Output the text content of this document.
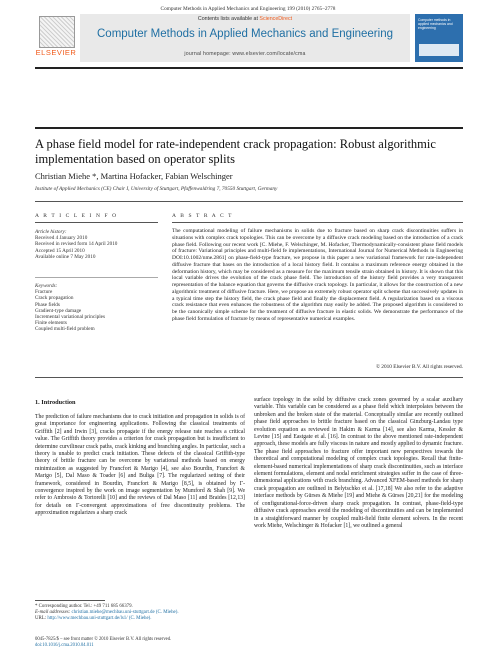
Computer Methods in Applied Mechanics and Engineering 199 (2010) 2765–2778
ELSEVIER
Contents lists available at ScienceDirect
Computer Methods in Applied Mechanics and Engineering
journal homepage: www.elsevier.com/locate/cma
Computer methods in applied mechanics and engineering
A phase field model for rate-independent crack propagation: Robust algorithmic implementation based on operator splits
Christian Miehe *, Martina Hofacker, Fabian Welschinger
Institute of Applied Mechanics (CE) Chair I, University of Stuttgart, Pfaffenwaldring 7, 70550 Stuttgart, Germany
A R T I C L E I N F O	A B S T R A C T
Article history:
Received 4 January 2010
Received in revised form 14 April 2010
Accepted 15 April 2010
Available online 7 May 2010
Keywords:
Fracture
Crack propagation
Phase fields
Gradient-type damage
Incremental variational principles
Finite elements
Coupled multi-field problem
The computational modeling of failure mechanisms in solids due to fracture based on sharp crack discontinuities suffers in situations with complex crack topologies. This can be overcome by a diffusive crack modeling based on the introduction of a crack phase field. Following our recent work [C. Miehe, F. Welschinger, M. Hofacker, Thermodynamically-consistent phase field models of fracture: Variational principles and multi-field fe implementations, International Journal for Numerical Methods in Engineering DOI:10.1002/nme.2861] on phase-field-type fracture, we propose in this paper a new variational framework for rate-independent diffusive fracture that bases on the introduction of a local history field. It contains a maximum reference energy obtained in the deformation history, which may be considered as a measure for the maximum tensile strain obtained in history. It is shown that this local variable drives the evolution of the crack phase field. The introduction of the history field provides a very transparent representation of the balance equation that governs the diffusive crack topology. In particular, it allows for the construction of a new algorithmic treatment of diffusive fracture. Here, we propose an extremely robust operator split scheme that successively updates in a typical time step the history field, the crack phase field and finally the displacement field. A regularization based on a viscous crack resistance that even enhances the robustness of the algorithm may easily be added. The proposed algorithm is considered to be the canonically simple scheme for the treatment of diffusive fracture in elastic solids. We demonstrate the performance of the phase field formulation of fracture by means of representative numerical examples.
© 2010 Elsevier B.V. All rights reserved.
1. Introduction
The prediction of failure mechanisms due to crack initiation and propagation in solids is of great importance for engineering applications. Following the classical treatments of Griffith [2] and Irwin [3], cracks propagate if the energy release rate reaches a critical value. The Griffith theory provides a criterion for crack propagation but is insufficient to determine curvilinear crack paths, crack kinking and branching angles. In particular, such a theory is unable to predict crack initiation. These defects of the classical Griffith-type theory of brittle fracture can be overcome by variational methods based on energy minimization as suggested by Francfort & Marigo [4], see also Bourdin, Francfort & Marigo [5], Dal Maso & Toader [6] and Buliga [7]. The regularized setting of their framework, considered in Bourdin, Francfort & Marigo [8,5], is obtained by Γ-convergence inspired by the work on image segmentation by Mumford & Shah [9]. We refer to Ambrosio & Tortorelli [10] and the reviews of Dal Maso [11] and Braides [12,13] for details on Γ-convergent approximations of free discontinuity problems. The approximation regularizes a sharp crack
surface topology in the solid by diffusive crack zones governed by a scalar auxiliary variable. This variable can be considered as a phase field which interpolates between the unbroken and the broken state of the material. Conceptually similar are recently outlined phase field approaches to brittle fracture based on the classical Ginzburg-Landau type evolution equation as reviewed in Hakim & Karma [14], see also Karma, Kessler & Levine [15] and Eastgate et al. [16]. In contrast to the above mentioned rate-independent approach, these models are fully viscous in nature and mostly applied to dynamic fracture. The phase field approaches to fracture offer important new perspectives towards the theoretical and computational modeling of complex crack topologies. Recall that finite-element-based numerical implementations of sharp crack discontinuities, such as interface element formulations, element and nodal enrichment strategies suffer in the case of three-dimensional applications with crack branching. Advanced XFEM-based methods for sharp crack propagation are outlined in Belytschko et al. [17,18] We also refer to the adaptive interface methods by Gürses & Miehe [19] and Miehe & Gürses [20,21] for the modeling of configurational-force-driven sharp crack propagation. In contrast, phase-field-type diffusive crack approaches avoid the modeling of discontinuities and can be implemented in a straightforward manner by coupled multi-field finite element solvers. In the recent work Miehe, Welschinger & Hofacker [1], we outlined a general
* Corresponding author. Tel.: +49 711 685 66379.
E-mail addresses: christian.miehe@mechbau.uni-stuttgart.de (C. Miehe).
URL: http://www.mechbau.uni-stuttgart.de/ls1/ (C. Miehe).
0045-7825/$ – see front matter © 2010 Elsevier B.V. All rights reserved.
doi:10.1016/j.cma.2010.04.011
